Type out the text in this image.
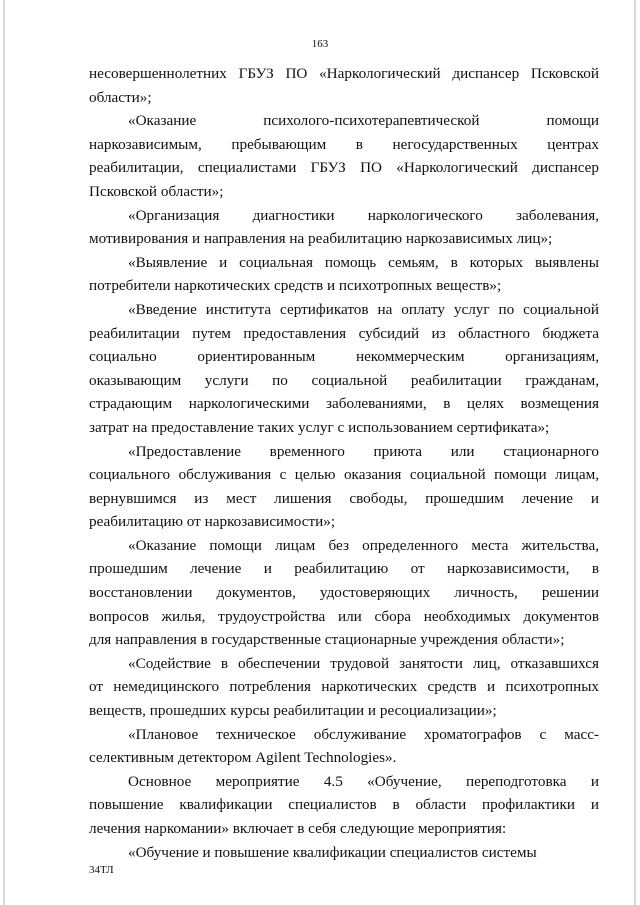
163

несовершеннолетних ГБУЗ ПО «Наркологический диспансер Псковской
области»;

«Оказание психолого-психотерапевтической помощи
наркозависимым, пребывающим в негосударственных центрах
реабилитации, специалистами ГБУЗ ПО «Наркологический диспансер
Псковской области»;

«Организация диагностики наркологического заболевания,
мотивирования и направления на реабилитацию наркозависимых лиц»;

«Выявление и социальная помощь семьям, в которых выявлены
потребители наркотических средств и психотропных веществ»;

«Введение института сертификатов на оплату услуг по социальной
реабилитации путем предоставления субсидий из областного бюджета
социально ориентированным некоммерческим организациям,
оказывающим услуги по социальной реабилитации гражданам,
страдающим наркологическими заболеваниями, в целях возмещения
затрат на предоставление таких услуг с использованием сертификата»;

«Предоставление временного приюта или стационарного
социального обслуживания с целью оказания социальной помощи лицам,
вернувшимся из мест лишения свободы, прошедшим лечение и
реабилитацию от наркозависимости»;

«Оказание помощи лицам без определенного места жительства,
прошедшим лечение и реабилитацию от наркозависимости, в
восстановлении документов, удостоверяющих личность, решении
вопросов жилья, трудоустройства или сбора необходимых документов
для направления в государственные стационарные учреждения области»;

«Содействие в обеспечении трудовой занятости лиц, отказавшихся
от немедицинского потребления наркотических средств и психотропных
веществ, прошедших курсы реабилитации и ресоциализации»;

«Плановое техническое обслуживание хроматографов с масс-
селективным детектором Agilent Technologies».

Основное мероприятие 4.5 «Обучение, переподготовка и
повышение квалификации специалистов в области профилактики и
лечения наркомании» включает в себя следующие мероприятия:

«Обучение и повышение квалификации специалистов системы

34ТЛ
